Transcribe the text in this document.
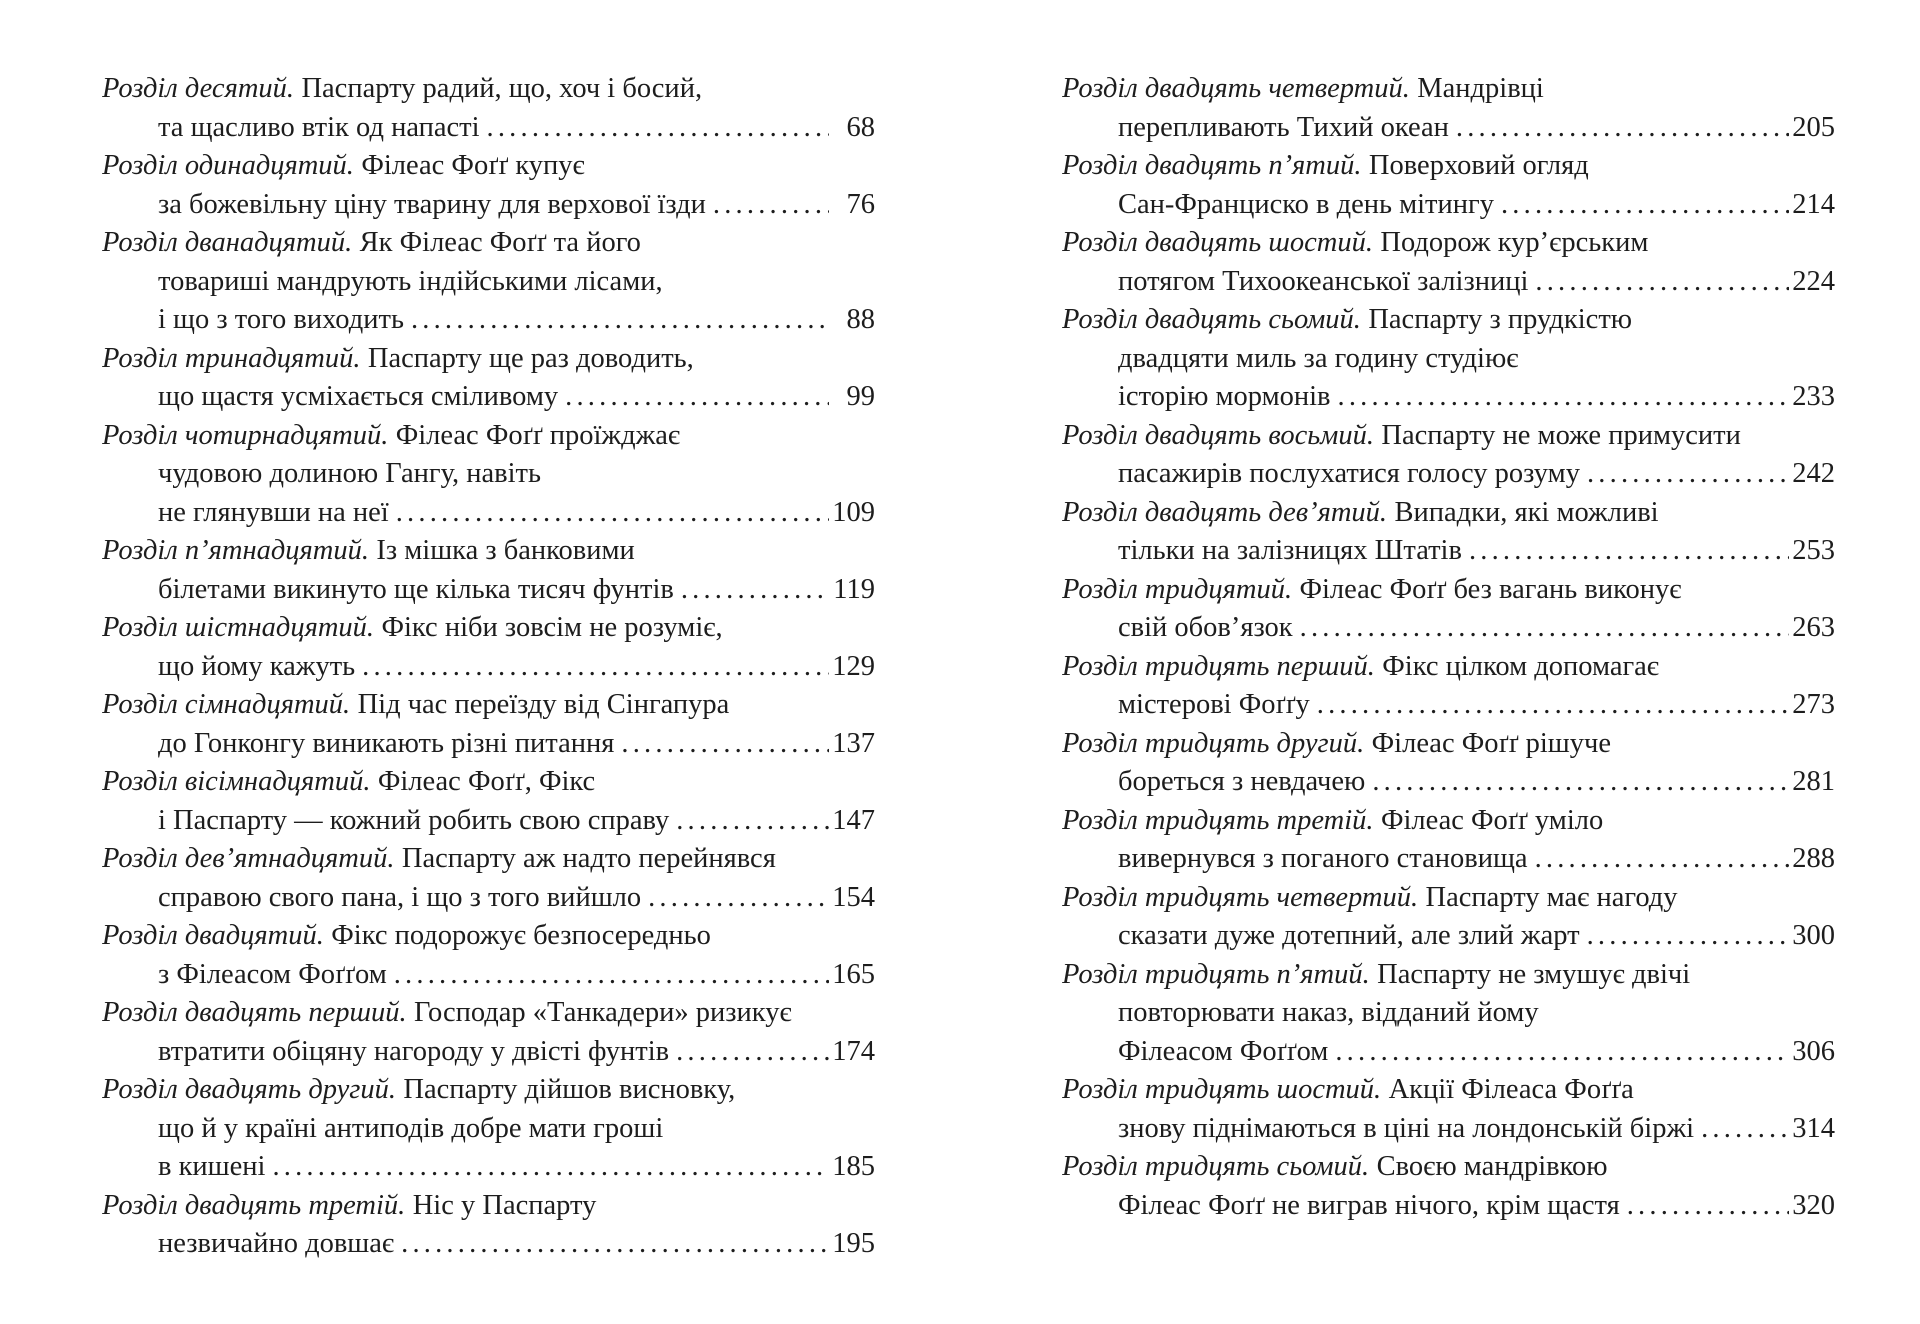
Розділ десятий. Паспарту радий, що, хоч і босий,
та щасливо втік од напасті .....	68
Розділ одинадцятий. Філеас Фоґґ купує
за божевільну ціну тварину для верхової їзди .....	76
Розділ дванадцятий. Як Філеас Фоґґ та його
товариші мандрують індійськими лісами,
і що з того виходить .....	88
Розділ тринадцятий. Паспарту ще раз доводить,
що щастя усміхається сміливому .....	99
Розділ чотирнадцятий. Філеас Фоґґ проїжджає
чудовою долиною Гангу, навіть
не глянувши на неї .....	109
Розділ п’ятнадцятий. Із мішка з банковими
білетами викинуто ще кілька тисяч фунтів .....	119
Розділ шістнадцятий. Фікс ніби зовсім не розуміє,
що йому кажуть .....	129
Розділ сімнадцятий. Під час переїзду від Сінгапура
до Гонконгу виникають різні питання .....	137
Розділ вісімнадцятий. Філеас Фоґґ, Фікс
і Паспарту — кожний робить свою справу .....	147
Розділ дев’ятнадцятий. Паспарту аж надто перейнявся
справою свого пана, і що з того вийшло .....	154
Розділ двадцятий. Фікс подорожує безпосередньо
з Філеасом Фоґґом .....	165
Розділ двадцять перший. Господар «Танкадери» ризикує
втратити обіцяну нагороду у двісті фунтів .....	174
Розділ двадцять другий. Паспарту дійшов висновку,
що й у країні антиподів добре мати гроші
в кишені .....	185
Розділ двадцять третій. Ніс у Паспарту
незвичайно довшає .....	195
Розділ двадцять четвертий. Мандрівці
перепливають Тихий океан .....	205
Розділ двадцять п’ятий. Поверховий огляд
Сан-Франциско в день мітингу .....	214
Розділ двадцять шостий. Подорож кур’єрським
потягом Тихоокеанської залізниці .....	224
Розділ двадцять сьомий. Паспарту з прудкістю
двадцяти миль за годину студіює
історію мормонів .....	233
Розділ двадцять восьмий. Паспарту не може примусити
пасажирів послухатися голосу розуму .....	242
Розділ двадцять дев’ятий. Випадки, які можливі
тільки на залізницях Штатів .....	253
Розділ тридцятий. Філеас Фоґґ без вагань виконує
свій обов’язок .....	263
Розділ тридцять перший. Фікс цілком допомагає
містерові Фоґґу .....	273
Розділ тридцять другий. Філеас Фоґґ рішуче
бореться з невдачею .....	281
Розділ тридцять третій. Філеас Фоґґ уміло
вивернувся з поганого становища .....	288
Розділ тридцять четвертий. Паспарту має нагоду
сказати дуже дотепний, але злий жарт .....	300
Розділ тридцять п’ятий. Паспарту не змушує двічі
повторювати наказ, відданий йому
Філеасом Фоґґом .....	306
Розділ тридцять шостий. Акції Філеаса Фоґґа
знову піднімаються в ціні на лондонській біржі .....	314
Розділ тридцять сьомий. Своєю мандрівкою
Філеас Фоґґ не виграв нічого, крім щастя .....	320
